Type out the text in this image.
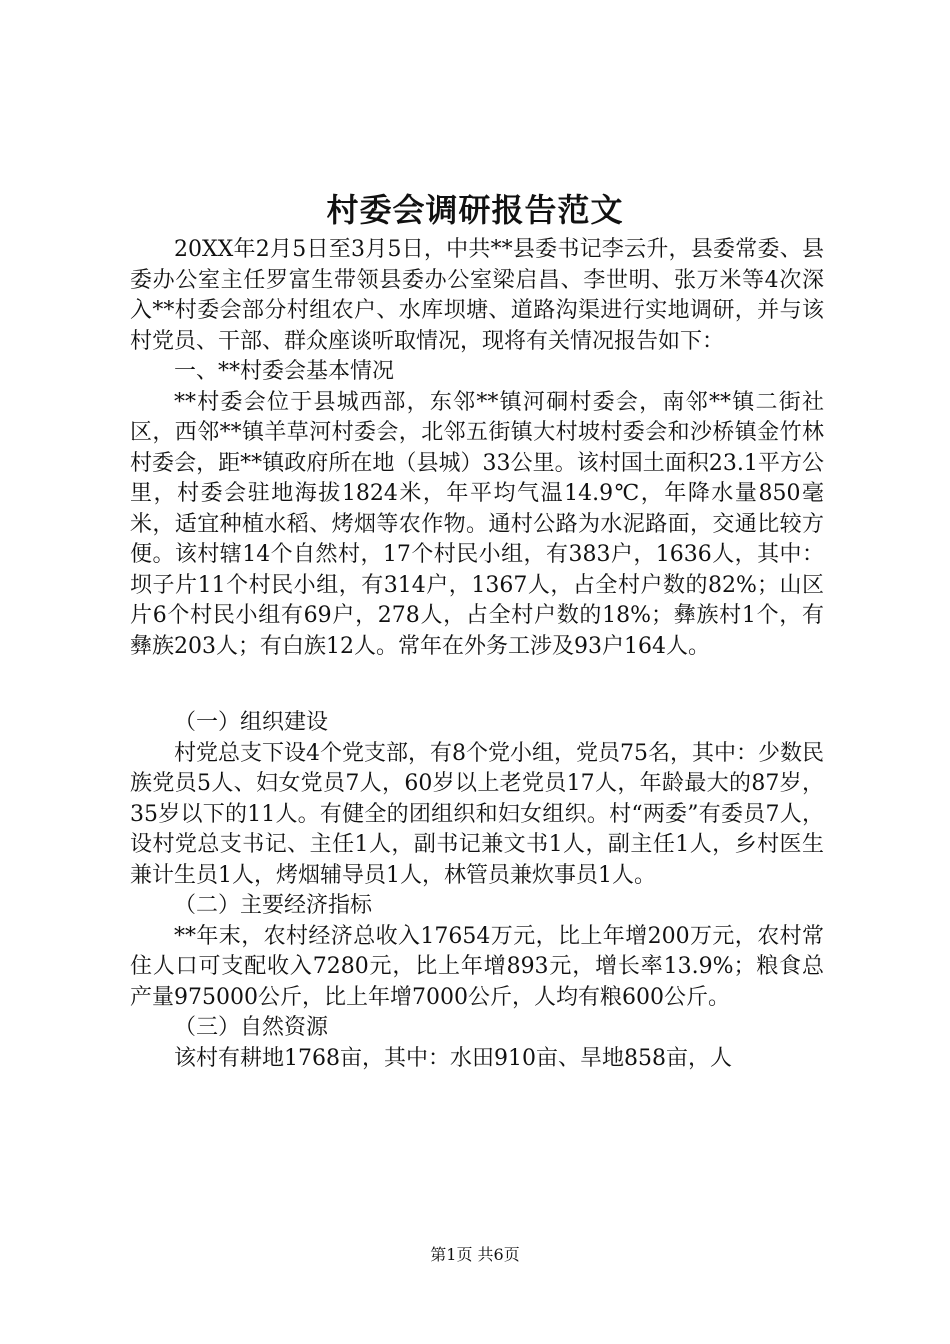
村委会调研报告范文

20XX年2月5日至3月5日，中共**县委书记李云升，县委常委、县委办公室主任罗富生带领县委办公室梁启昌、李世明、张万米等4次深入**村委会部分村组农户、水库坝塘、道路沟渠进行实地调研，并与该村党员、干部、群众座谈听取情况，现将有关情况报告如下：

一、**村委会基本情况

**村委会位于县城西部，东邻**镇河硐村委会，南邻**镇二街社区，西邻**镇羊草河村委会，北邻五街镇大村坡村委会和沙桥镇金竹林村委会，距**镇政府所在地（县城）33公里。该村国土面积23.1平方公里，村委会驻地海拔1824米，年平均气温14.9℃，年降水量850毫米，适宜种植水稻、烤烟等农作物。通村公路为水泥路面，交通比较方便。该村辖14个自然村，17个村民小组，有383户，1636人，其中：坝子片11个村民小组，有314户，1367人，占全村户数的82%；山区片6个村民小组有69户，278人，占全村户数的18%；彝族村1个，有彝族203人；有白族12人。常年在外务工涉及93户164人。

（一）组织建设

村党总支下设4个党支部，有8个党小组，党员75名，其中：少数民族党员5人、妇女党员7人，60岁以上老党员17人，年龄最大的87岁，35岁以下的11人。有健全的团组织和妇女组织。村“两委”有委员7人，设村党总支书记、主任1人，副书记兼文书1人，副主任1人，乡村医生兼计生员1人，烤烟辅导员1人，林管员兼炊事员1人。

（二）主要经济指标

**年末，农村经济总收入17654万元，比上年增200万元，农村常住人口可支配收入7280元，比上年增893元，增长率13.9%；粮食总产量975000公斤，比上年增7000公斤，人均有粮600公斤。

（三）自然资源

该村有耕地1768亩，其中：水田910亩、旱地858亩，人

第1页 共6页
